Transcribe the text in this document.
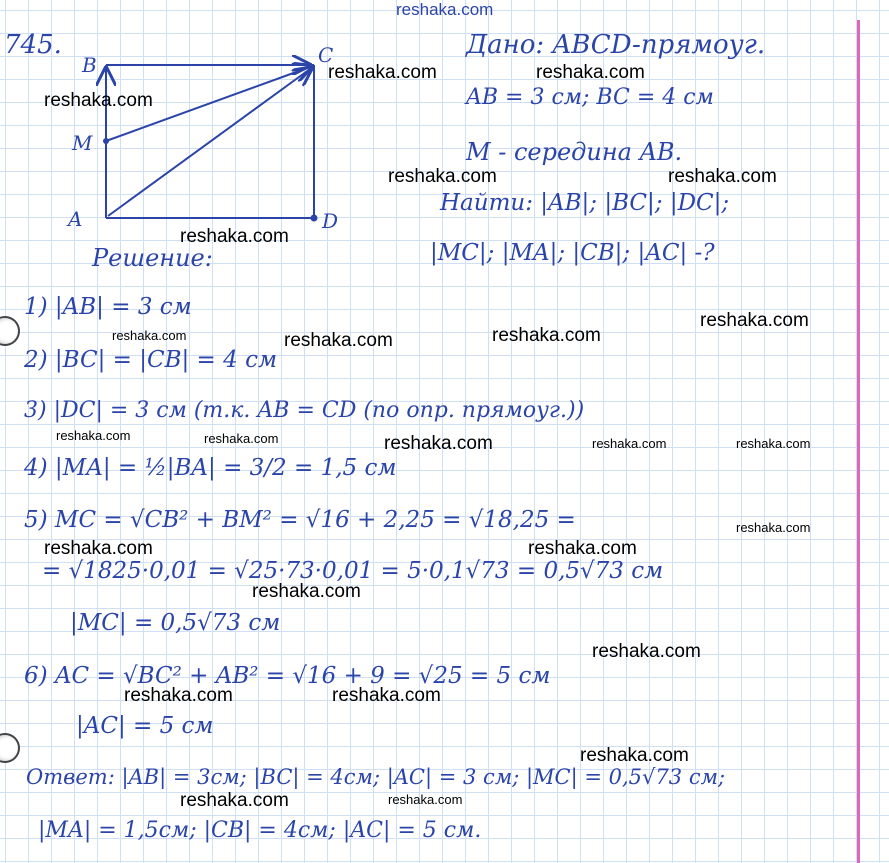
reshaka.com
745.
B	C
M
A	D
Дано: ABCD-прямоуг.
AB = 3 см; BC = 4 см
M - середина AB.
Найти: |AB|; |BC|; |DC|;
|MC|; |MA|; |CB|; |AC| -?
Решение:
1) |AB| = 3 см
2) |BC| = |CB| = 4 см
3) |DC| = 3 см (т.к. AB = CD (по опр. прямоуг.))
4) |MA| = ½|BA| = 3/2 = 1,5 см
5) MC = √CB² + BM² = √16 + 2,25 = √18,25 =
= √1825·0,01 = √25·73·0,01 = 5·0,1√73 = 0,5√73 см
|MC| = 0,5√73 см
6) AC = √BC² + AB² = √16 + 9 = √25 = 5 см
|AC| = 5 см
Ответ: |AB| = 3см; |BC| = 4см; |AC| = 3 см; |MC| = 0,5√73 см;
|MA| = 1,5см; |CB| = 4см; |AC| = 5 см.
reshaka.com	reshaka.com
reshaka.com
reshaka.com	reshaka.com
reshaka.com
reshaka.com
reshaka.com
reshaka.com	reshaka.com
reshaka.com	reshaka.com	reshaka.com	reshaka.com	reshaka.com
reshaka.com
reshaka.com	reshaka.com
reshaka.com
reshaka.com
reshaka.com	reshaka.com
reshaka.com
reshaka.com	reshaka.com
